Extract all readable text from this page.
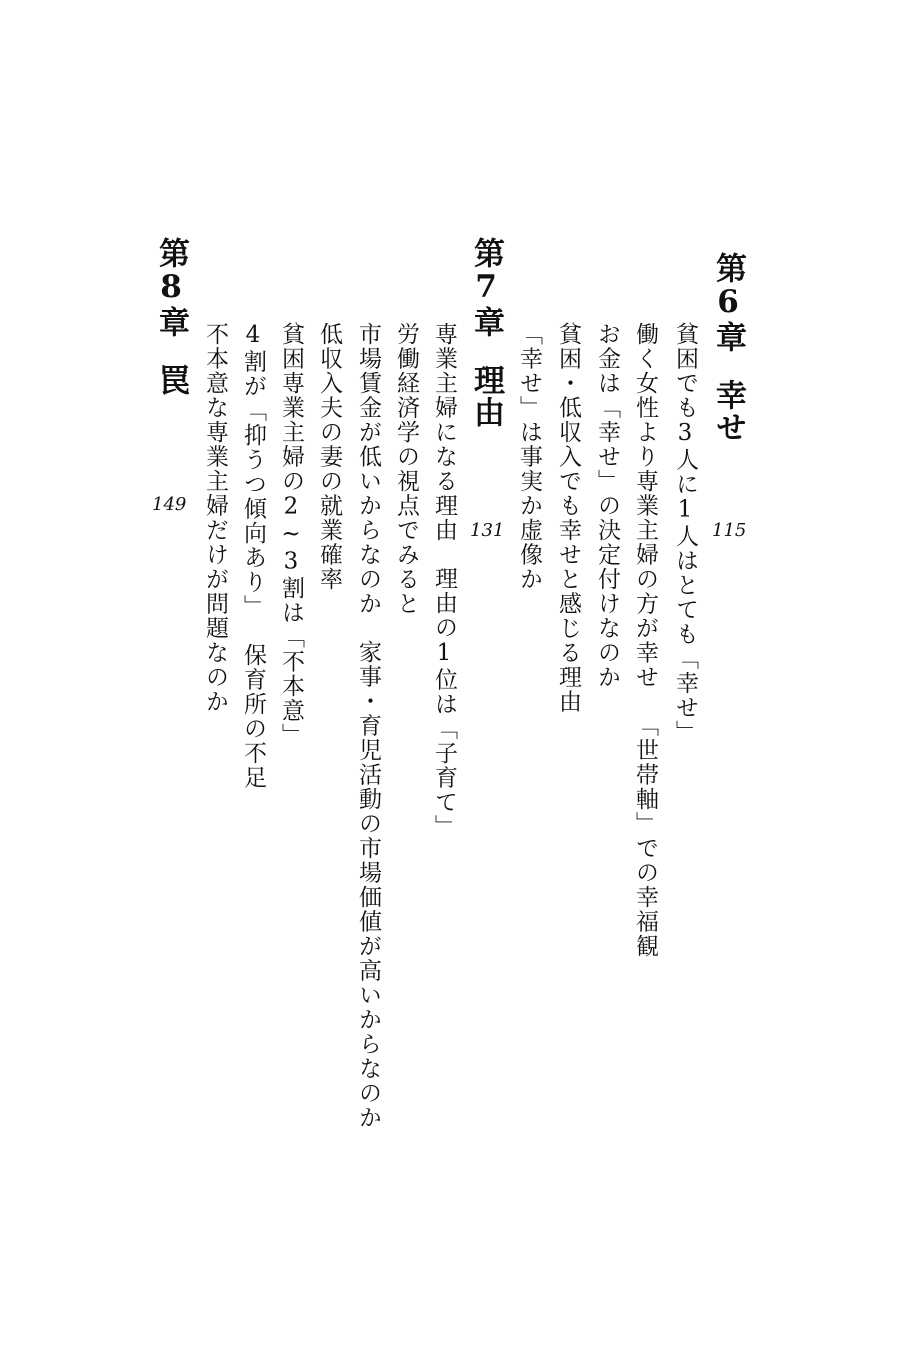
第6章幸せ
115
貧困でも3人に1人はとても「幸せ」
働く女性より専業主婦の方が幸せ「世帯軸」での幸福観
お金は「幸せ」の決定付けなのか
貧困・低収入でも幸せと感じる理由
「幸せ」は事実か虚像か
第7章理由
131
専業主婦になる理由理由の1位は「子育て」
労働経済学の視点でみると
市場賃金が低いからなのか家事・育児活動の市場価値が高いからなのか
低収入夫の妻の就業確率
貧困専業主婦の2~3割は「不本意」
4割が「抑うつ傾向あり」保育所の不足
不本意な専業主婦だけが問題なのか
第8章罠
149
